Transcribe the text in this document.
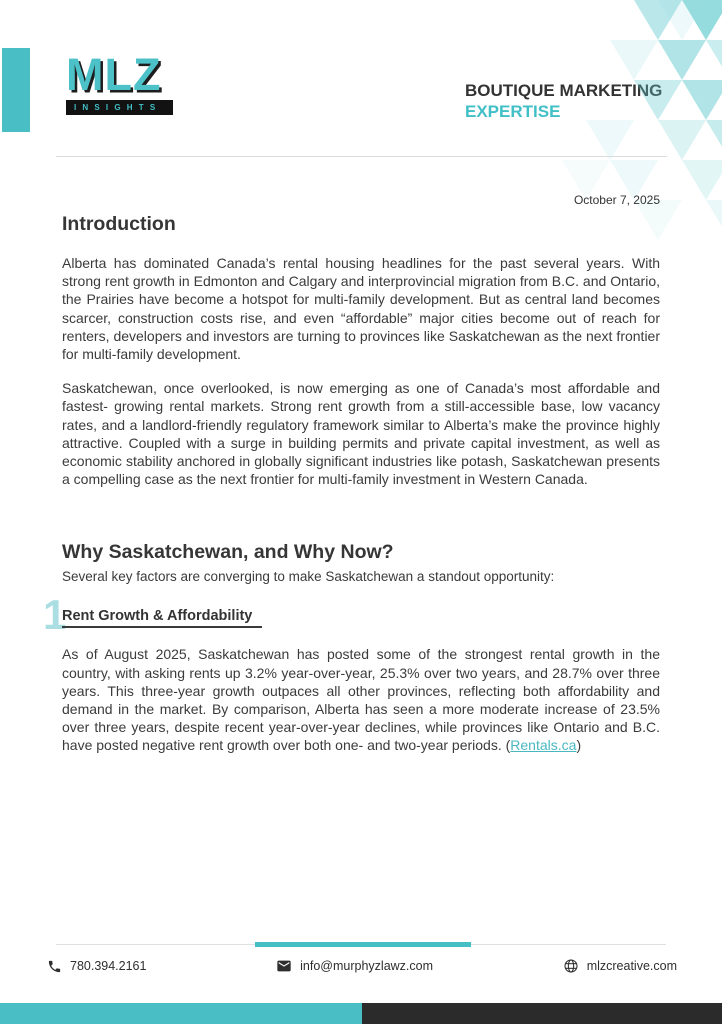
MLZ
INSIGHTS
BOUTIQUE MARKETING
EXPERTISE
October 7, 2025
Introduction

Alberta has dominated Canada’s rental housing headlines for the past several years. With strong rent growth in Edmonton and Calgary and interprovincial migration from B.C. and Ontario, the Prairies have become a hotspot for multi-family development. But as central land becomes scarcer, construction costs rise, and even “affordable” major cities become out of reach for renters, developers and investors are turning to provinces like Saskatchewan as the next frontier for multi-family development.

Saskatchewan, once overlooked, is now emerging as one of Canada’s most affordable and fastest- growing rental markets. Strong rent growth from a still-accessible base, low vacancy rates, and a landlord-friendly regulatory framework similar to Alberta’s make the province highly attractive. Coupled with a surge in building permits and private capital investment, as well as economic stability anchored in globally significant industries like potash, Saskatchewan presents a compelling case as the next frontier for multi-family investment in Western Canada.

Why Saskatchewan, and Why Now?
Several key factors are converging to make Saskatchewan a standout opportunity:
1
Rent Growth & Affordability

As of August 2025, Saskatchewan has posted some of the strongest rental growth in the country, with asking rents up 3.2% year-over-year, 25.3% over two years, and 28.7% over three years. This three-year growth outpaces all other provinces, reflecting both affordability and demand in the market. By comparison, Alberta has seen a more moderate increase of 23.5% over three years, despite recent year-over-year declines, while provinces like Ontario and B.C. have posted negative rent growth over both one- and two-year periods. (Rentals.ca)

780.394.2161	info@murphyzlawz.com	mlzcreative.com
